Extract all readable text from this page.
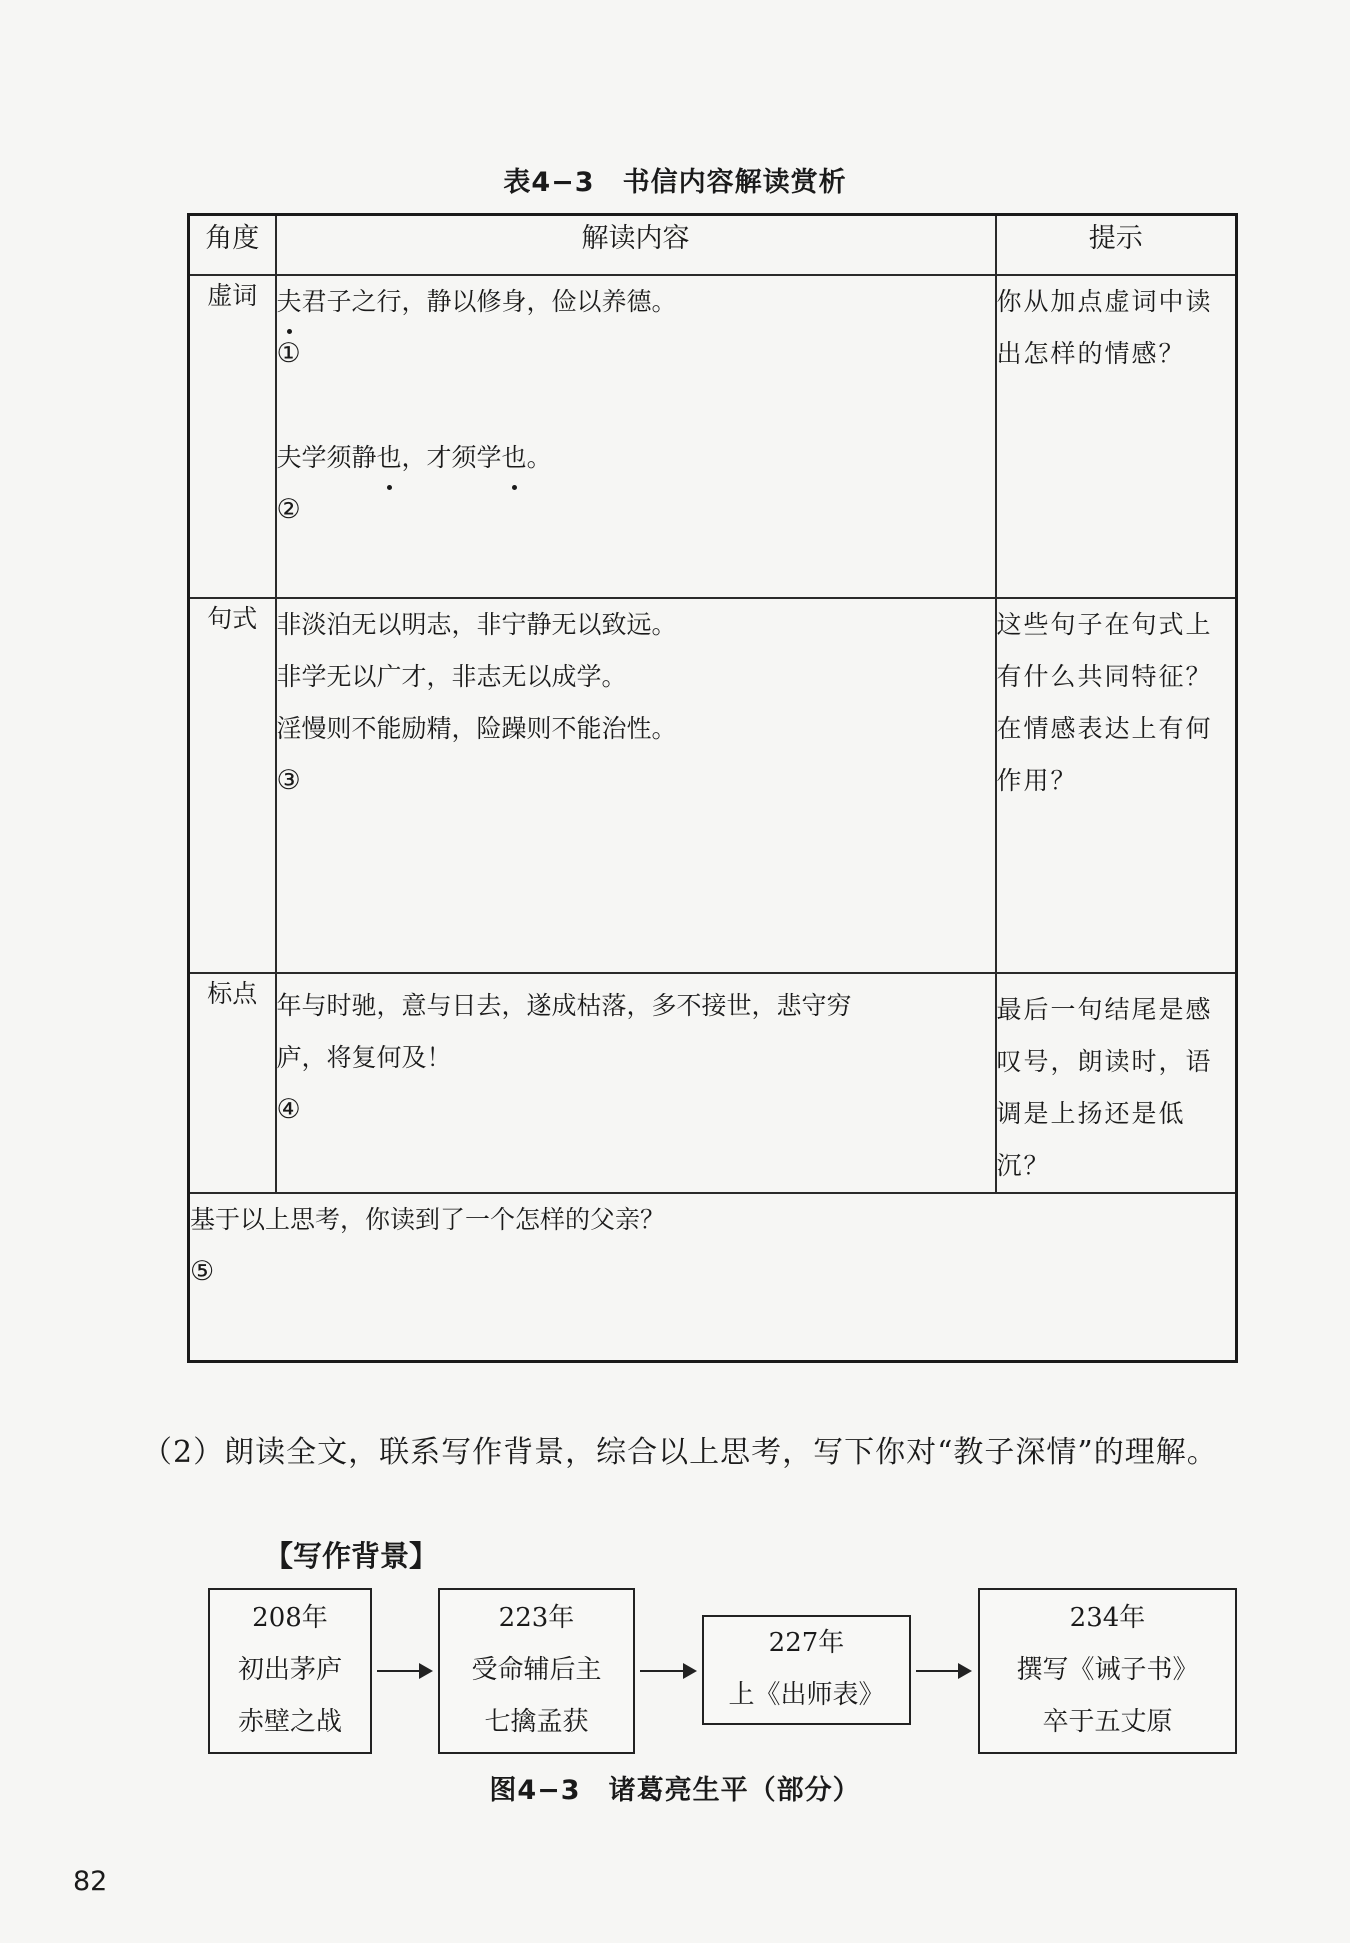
表4−3　书信内容解读赏析
角度	解读内容	提示
虚词	夫君子之行，静以修身，俭以养德。
①
夫学须静也，才须学也。
②	你从加点虚词中读出怎样的情感？
句式	非淡泊无以明志，非宁静无以致远。
非学无以广才，非志无以成学。
淫慢则不能励精，险躁则不能治性。
③	这些句子在句式上有什么共同特征？在情感表达上有何作用？
标点	年与时驰，意与日去，遂成枯落，多不接世，悲守穷
庐，将复何及！
④	最后一句结尾是感叹号，朗读时，语调是上扬还是低沉？

基于以上思考，你读到了一个怎样的父亲？
⑤		
（2）朗读全文，联系写作背景，综合以上思考，写下你对“教子深情”的理解。
【写作背景】
208年
初出茅庐
赤壁之战
223年
受命辅后主
七擒孟获
227年
上《出师表》
234年
撰写《诫子书》
卒于五丈原
图4−3　诸葛亮生平（部分）
82
